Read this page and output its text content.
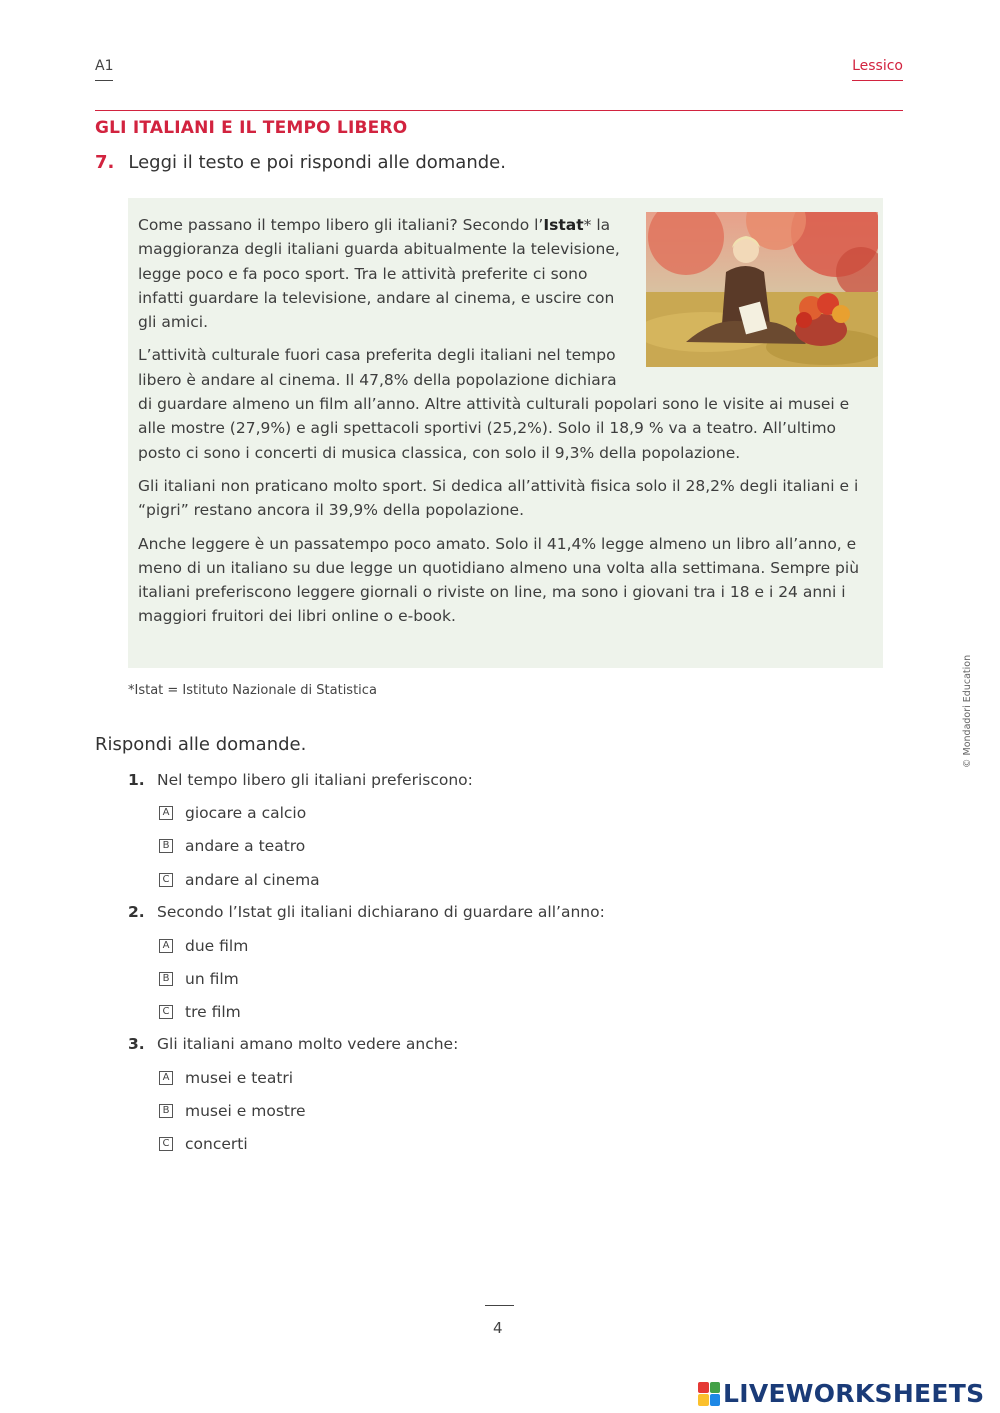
A1	Lessico
GLI ITALIANI E IL TEMPO LIBERO
7. Leggi il testo e poi rispondi alle domande.

Come passano il tempo libero gli italiani? Secondo l’Istat* la maggioranza degli italiani guarda abitualmente la televisione, legge poco e fa poco sport. Tra le attività preferite ci sono infatti guardare la televisione, andare al cinema, e uscire con gli amici.

L’attività culturale fuori casa preferita degli italiani nel tempo libero è andare al cinema. Il 47,8% della popolazione dichiara di guardare almeno un film all’anno. Altre attività culturali popolari sono le visite ai musei e alle mostre (27,9%) e agli spettacoli sportivi (25,2%). Solo il 18,9 % va a teatro. All’ultimo posto ci sono i concerti di musica classica, con solo il 9,3% della popolazione.

Gli italiani non praticano molto sport. Si dedica all’attività fisica solo il 28,2% degli italiani e i “pigri” restano ancora il 39,9% della popolazione.

Anche leggere è un passatempo poco amato. Solo il 41,4% legge almeno un libro all’anno, e meno di un italiano su due legge un quotidiano almeno una volta alla settimana. Sempre più italiani preferiscono leggere giornali o riviste on line, ma sono i giovani tra i 18 e i 24 anni i maggiori fruitori dei libri online o e-book.

*Istat = Istituto Nazionale di Statistica
Rispondi alle domande.
1. Nel tempo libero gli italiani preferiscono:
A giocare a calcio
B andare a teatro
C andare al cinema
2. Secondo l’Istat gli italiani dichiarano di guardare all’anno:
A due film
B un film
C tre film
3. Gli italiani amano molto vedere anche:
A musei e teatri
B musei e mostre
C concerti
© Mondadori Education
4
LIVEWORKSHEETS
